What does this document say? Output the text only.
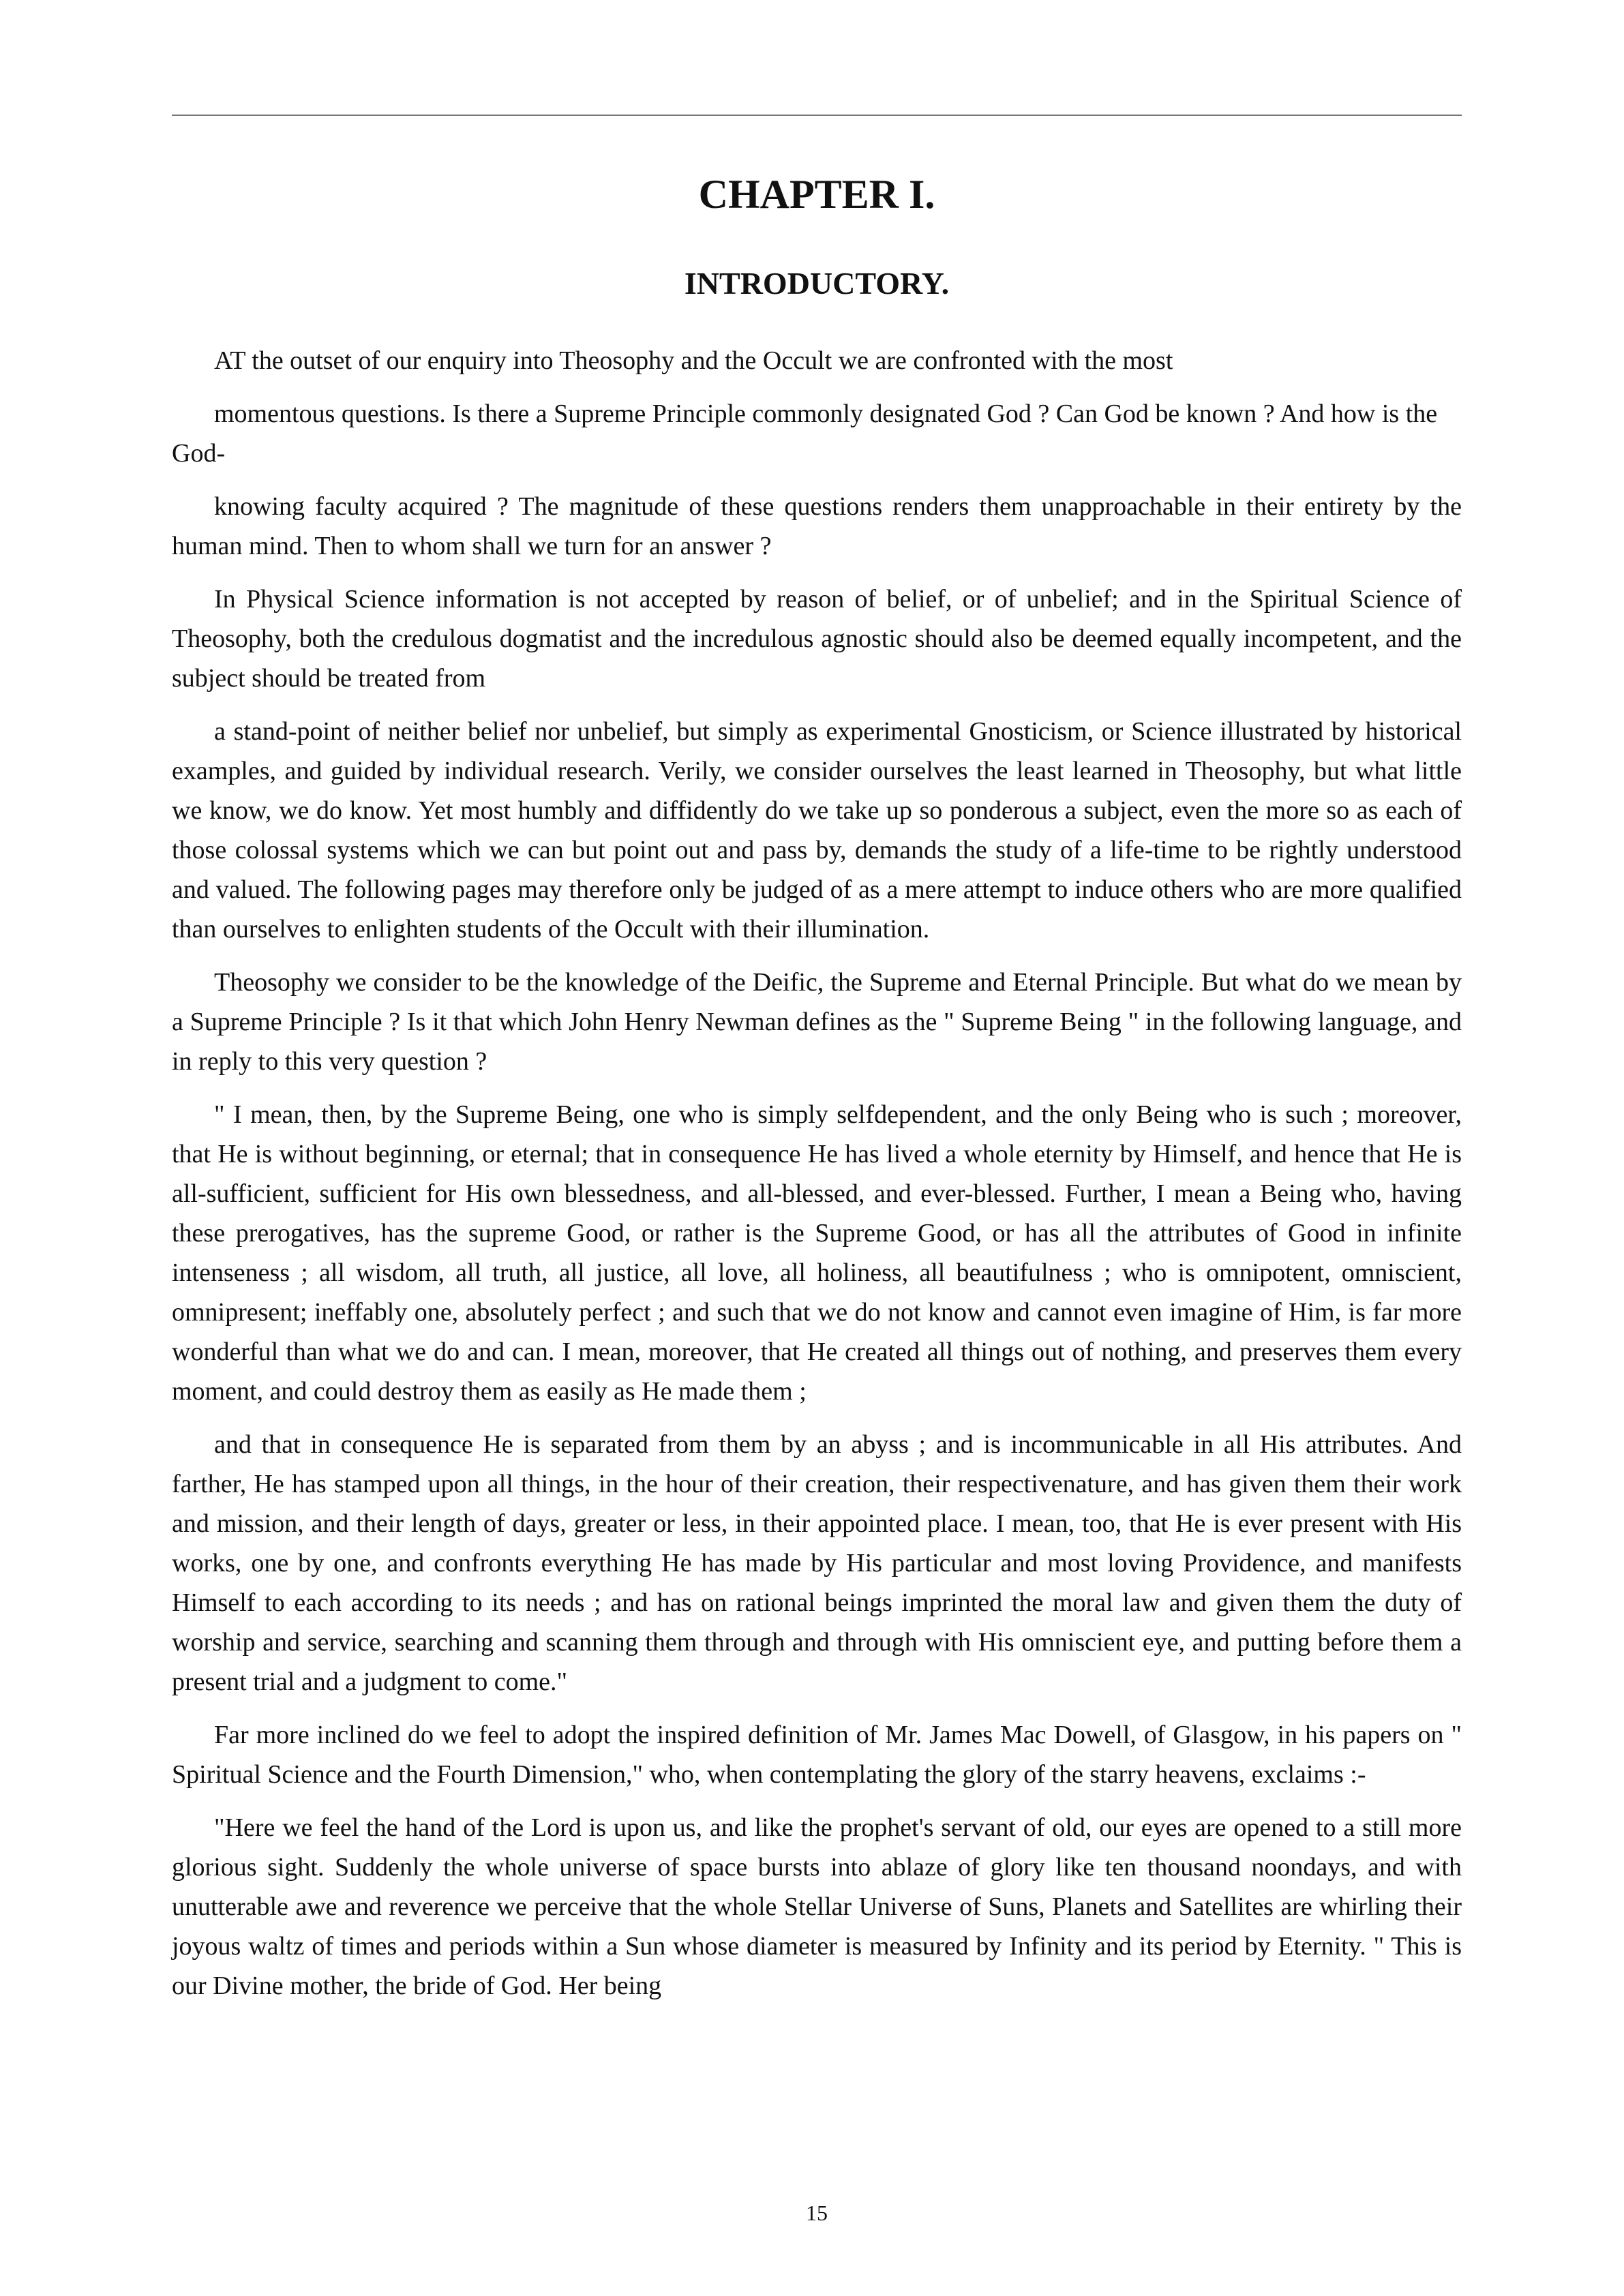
CHAPTER I.
INTRODUCTORY.

AT the outset of our enquiry into Theosophy and the Occult we are confronted with the most

momentous questions. Is there a Supreme Principle commonly designated God ? Can God be known ? And how is the God-

knowing faculty acquired ? The magnitude of these questions renders them unapproachable in their entirety by the human mind. Then to whom shall we turn for an answer ?

In Physical Science information is not accepted by reason of belief, or of unbelief; and in the Spiritual Science of Theosophy, both the credulous dogmatist and the incredulous agnostic should also be deemed equally incompetent, and the subject should be treated from

a stand-point of neither belief nor unbelief, but simply as experimental Gnosticism, or Science illustrated by historical examples, and guided by individual research. Verily, we consider ourselves the least learned in Theosophy, but what little we know, we do know. Yet most humbly and diffidently do we take up so ponderous a subject, even the more so as each of those colossal systems which we can but point out and pass by, demands the study of a life-time to be rightly understood and valued. The following pages may therefore only be judged of as a mere attempt to induce others who are more qualified than ourselves to enlighten students of the Occult with their illumination.

Theosophy we consider to be the knowledge of the Deific, the Supreme and Eternal Principle. But what do we mean by a Supreme Principle ? Is it that which John Henry Newman defines as the " Supreme Being " in the following language, and in reply to this very question ?

" I mean, then, by the Supreme Being, one who is simply selfdependent, and the only Being who is such ; moreover, that He is without beginning, or eternal; that in consequence He has lived a whole eternity by Himself, and hence that He is all-sufficient, sufficient for His own blessedness, and all-blessed, and ever-blessed. Further, I mean a Being who, having these prerogatives, has the supreme Good, or rather is the Supreme Good, or has all the attributes of Good in infinite intenseness ; all wisdom, all truth, all justice, all love, all holiness, all beautifulness ; who is omnipotent, omniscient, omnipresent; ineffably one, absolutely perfect ; and such that we do not know and cannot even imagine of Him, is far more wonderful than what we do and can. I mean, moreover, that He created all things out of nothing, and preserves them every moment, and could destroy them as easily as He made them ;

and that in consequence He is separated from them by an abyss ; and is incommunicable in all His attributes. And farther, He has stamped upon all things, in the hour of their creation, their respectivenature, and has given them their work and mission, and their length of days, greater or less, in their appointed place. I mean, too, that He is ever present with His works, one by one, and confronts everything He has made by His particular and most loving Providence, and manifests Himself to each according to its needs ; and has on rational beings imprinted the moral law and given them the duty of worship and service, searching and scanning them through and through with His omniscient eye, and putting before them a present trial and a judgment to come."

Far more inclined do we feel to adopt the inspired definition of Mr. James Mac Dowell, of Glasgow, in his papers on " Spiritual Science and the Fourth Dimension," who, when contemplating the glory of the starry heavens, exclaims :-

"Here we feel the hand of the Lord is upon us, and like the prophet's servant of old, our eyes are opened to a still more glorious sight. Suddenly the whole universe of space bursts into ablaze of glory like ten thousand noondays, and with unutterable awe and reverence we perceive that the whole Stellar Universe of Suns, Planets and Satellites are whirling their joyous waltz of times and periods within a Sun whose diameter is measured by Infinity and its period by Eternity. " This is our Divine mother, the bride of God. Her being

15
